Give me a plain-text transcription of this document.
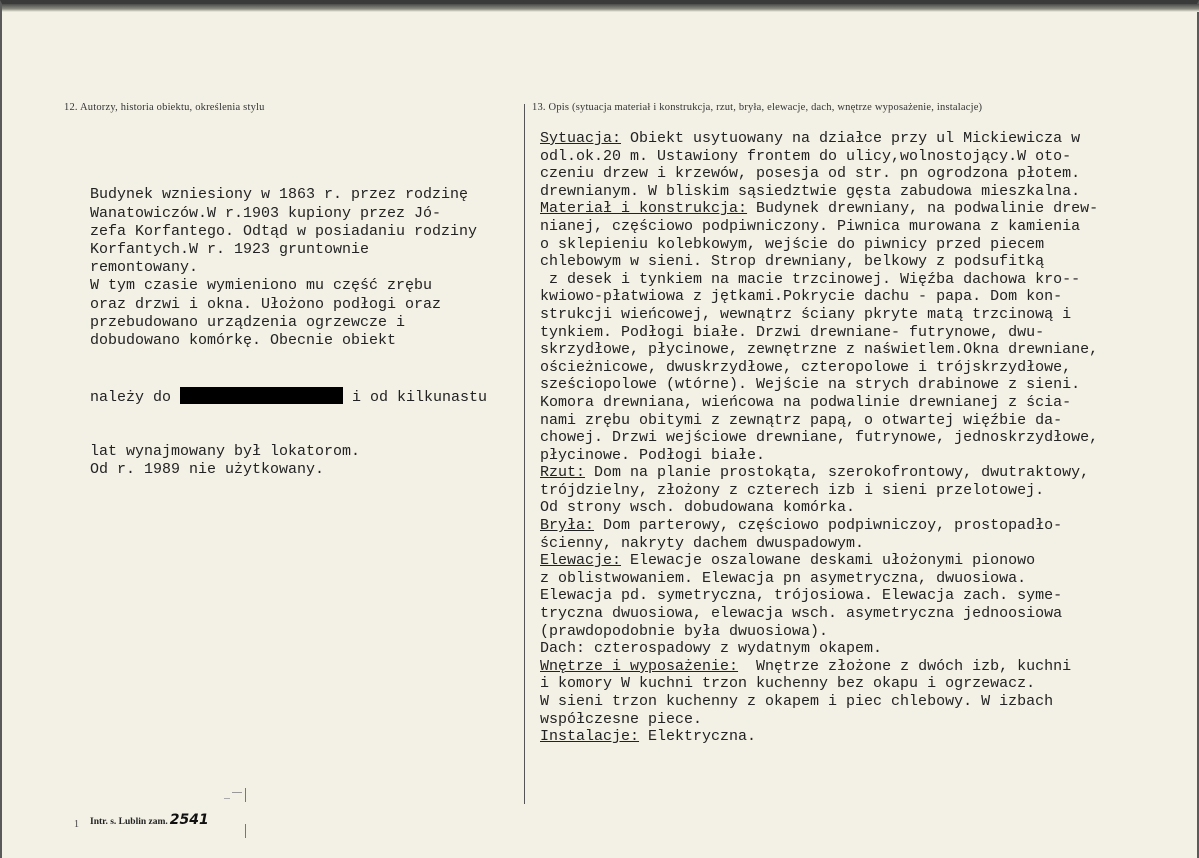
12. Autorzy, historia obiektu, określenia stylu	13. Opis (sytuacja materiał i konstrukcja, rzut, bryła, elewacje, dach, wnętrze wyposażenie, instalacje)

Budynek wzniesiony w 1863 r. przez rodzinę
Wanatowiczów.W r.1903 kupiony przez Jó-
zefa Korfantego. Odtąd w posiadaniu rodziny
Korfantych.W r. 1923 gruntownie
remontowany.
W tym czasie wymieniono mu część zrębu
oraz drzwi i okna. Ułożono podłogi oraz
przebudowano urządzenia ogrzewcze i
dobudowano komórkę. Obecnie obiekt

należy do	i od kilkunastu

lat wynajmowany był lokatorom.
Od r. 1989 nie użytkowany.

Sytuacja: Obiekt usytuowany na działce przy ul Mickiewicza w
odl.ok.20 m. Ustawiony frontem do ulicy,wolnostojący.W oto-
czeniu drzew i krzewów, posesja od str. pn ogrodzona płotem.
drewnianym. W bliskim sąsiedztwie gęsta zabudowa mieszkalna.
Materiał i konstrukcja: Budynek drewniany, na podwalinie drew-
nianej, częściowo podpiwniczony. Piwnica murowana z kamienia
o sklepieniu kolebkowym, wejście do piwnicy przed piecem
chlebowym w sieni. Strop drewniany, belkowy z podsufitką
z desek i tynkiem na macie trzcinowej. Więźba dachowa kro--
kwiowo-płatwiowa z jętkami.Pokrycie dachu - papa. Dom kon-
strukcji wieńcowej, wewnątrz ściany pkryte matą trzcinową i
tynkiem. Podłogi białe. Drzwi drewniane- futrynowe, dwu-
skrzydłowe, płycinowe, zewnętrzne z naświetlem.Okna drewniane,
ościeżnicowe, dwuskrzydłowe, czteropolowe i trójskrzydłowe,
sześciopolowe (wtórne). Wejście na strych drabinowe z sieni.
Komora drewniana, wieńcowa na podwalinie drewnianej z ścia-
nami zrębu obitymi z zewnątrz papą, o otwartej więźbie da-
chowej. Drzwi wejściowe drewniane, futrynowe, jednoskrzydłowe,
płycinowe. Podłogi białe.
Rzut: Dom na planie prostokąta, szerokofrontowy, dwutraktowy,
trójdzielny, złożony z czterech izb i sieni przelotowej.
Od strony wsch. dobudowana komórka.
Bryła: Dom parterowy, częściowo podpiwniczoy, prostopadło-
ścienny, nakryty dachem dwuspadowym.
Elewacje: Elewacje oszalowane deskami ułożonymi pionowo
z oblistwowaniem. Elewacja pn asymetryczna, dwuosiowa.
Elewacja pd. symetryczna, trójosiowa. Elewacja zach. syme-
tryczna dwuosiowa, elewacja wsch. asymetryczna jednoosiowa
(prawdopodobnie była dwuosiowa).
Dach: czterospadowy z wydatnym okapem.
Wnętrze i wyposażenie:  Wnętrze złożone z dwóch izb, kuchni
i komory W kuchni trzon kuchenny bez okapu i ogrzewacz.
W sieni trzon kuchenny z okapem i piec chlebowy. W izbach
współczesne piece.
Instalacje: Elektryczna.
1 Intr. s. Lublin zam. 2541
